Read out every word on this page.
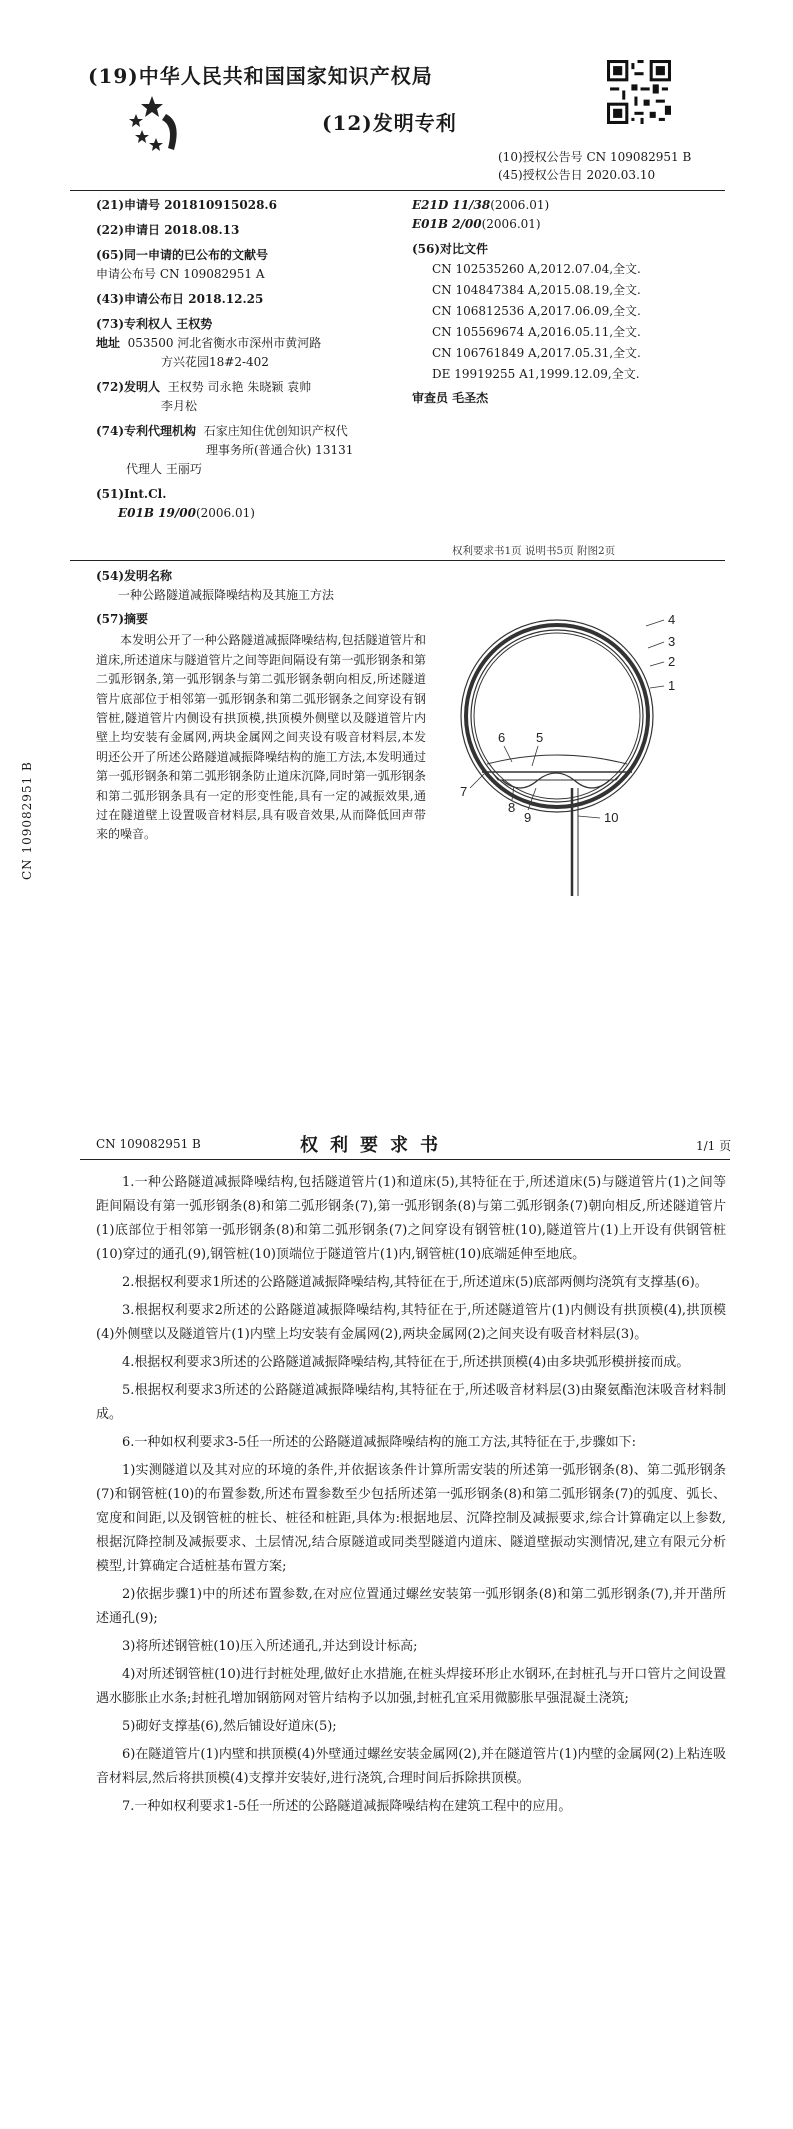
(19)中华人民共和国国家知识产权局
(12)发明专利
(10)授权公告号 CN 109082951 B
(45)授权公告日 2020.03.10
(21)申请号 201810915028.6
(22)申请日 2018.08.13
(65)同一申请的已公布的文献号
申请公布号 CN 109082951 A
(43)申请公布日 2018.12.25
(73)专利权人 王权势
地址 053500 河北省衡水市深州市黄河路
方兴花园18#2-402
(72)发明人 王权势 司永艳 朱晓颖 袁帅
李月松
(74)专利代理机构 石家庄知住优创知识产权代
理事务所(普通合伙) 13131
代理人 王丽巧
(51)Int.Cl.
E01B 19/00(2006.01)
E21D 11/38(2006.01)
E01B 2/00(2006.01)
(56)对比文件
CN 102535260 A,2012.07.04,全文.
CN 104847384 A,2015.08.19,全文.
CN 106812536 A,2017.06.09,全文.
CN 105569674 A,2016.05.11,全文.
CN 106761849 A,2017.05.31,全文.
DE 19919255 A1,1999.12.09,全文.
审查员 毛圣杰
权利要求书1页 说明书5页 附图2页
(54)发明名称
一种公路隧道减振降噪结构及其施工方法
(57)摘要

本发明公开了一种公路隧道减振降噪结构,包括隧道管片和道床,所述道床与隧道管片之间等距间隔设有第一弧形钢条和第二弧形钢条,第一弧形钢条与第二弧形钢条朝向相反,所述隧道管片底部位于相邻第一弧形钢条和第二弧形钢条之间穿设有钢管桩,隧道管片内侧设有拱顶模,拱顶模外侧壁以及隧道管片内壁上均安装有金属网,两块金属网之间夹设有吸音材料层,本发明还公开了所述公路隧道减振降噪结构的施工方法,本发明通过第一弧形钢条和第二弧形钢条防止道床沉降,同时第一弧形钢条和第二弧形钢条具有一定的形变性能,具有一定的减振效果,通过在隧道壁上设置吸音材料层,具有吸音效果,从而降低回声带来的噪音。

CN 109082951 B
4
3
2
1
6 5
7
8
9	10
CN 109082951 B	权利要求书	1/1 页

1.一种公路隧道减振降噪结构,包括隧道管片(1)和道床(5),其特征在于,所述道床(5)与隧道管片(1)之间等距间隔设有第一弧形钢条(8)和第二弧形钢条(7),第一弧形钢条(8)与第二弧形钢条(7)朝向相反,所述隧道管片(1)底部位于相邻第一弧形钢条(8)和第二弧形钢条(7)之间穿设有钢管桩(10),隧道管片(1)上开设有供钢管桩(10)穿过的通孔(9),钢管桩(10)顶端位于隧道管片(1)内,钢管桩(10)底端延伸至地底。

2.根据权利要求1所述的公路隧道减振降噪结构,其特征在于,所述道床(5)底部两侧均浇筑有支撑基(6)。

3.根据权利要求2所述的公路隧道减振降噪结构,其特征在于,所述隧道管片(1)内侧设有拱顶模(4),拱顶模(4)外侧壁以及隧道管片(1)内壁上均安装有金属网(2),两块金属网(2)之间夹设有吸音材料层(3)。

4.根据权利要求3所述的公路隧道减振降噪结构,其特征在于,所述拱顶模(4)由多块弧形模拼接而成。

5.根据权利要求3所述的公路隧道减振降噪结构,其特征在于,所述吸音材料层(3)由聚氨酯泡沫吸音材料制成。

6.一种如权利要求3-5任一所述的公路隧道减振降噪结构的施工方法,其特征在于,步骤如下:

1)实测隧道以及其对应的环境的条件,并依据该条件计算所需安装的所述第一弧形钢条(8)、第二弧形钢条(7)和钢管桩(10)的布置参数,所述布置参数至少包括所述第一弧形钢条(8)和第二弧形钢条(7)的弧度、弧长、宽度和间距,以及钢管桩的桩长、桩径和桩距,具体为:根据地层、沉降控制及减振要求,综合计算确定以上参数,根据沉降控制及减振要求、土层情况,结合原隧道或同类型隧道内道床、隧道壁振动实测情况,建立有限元分析模型,计算确定合适桩基布置方案;

2)依据步骤1)中的所述布置参数,在对应位置通过螺丝安装第一弧形钢条(8)和第二弧形钢条(7),并开凿所述通孔(9);

3)将所述钢管桩(10)压入所述通孔,并达到设计标高;

4)对所述钢管桩(10)进行封桩处理,做好止水措施,在桩头焊接环形止水钢环,在封桩孔与开口管片之间设置遇水膨胀止水条;封桩孔增加钢筋网对管片结构予以加强,封桩孔宜采用微膨胀早强混凝土浇筑;

5)砌好支撑基(6),然后铺设好道床(5);

6)在隧道管片(1)内壁和拱顶模(4)外壁通过螺丝安装金属网(2),并在隧道管片(1)内壁的金属网(2)上粘连吸音材料层,然后将拱顶模(4)支撑并安装好,进行浇筑,合理时间后拆除拱顶模。

7.一种如权利要求1-5任一所述的公路隧道减振降噪结构在建筑工程中的应用。
